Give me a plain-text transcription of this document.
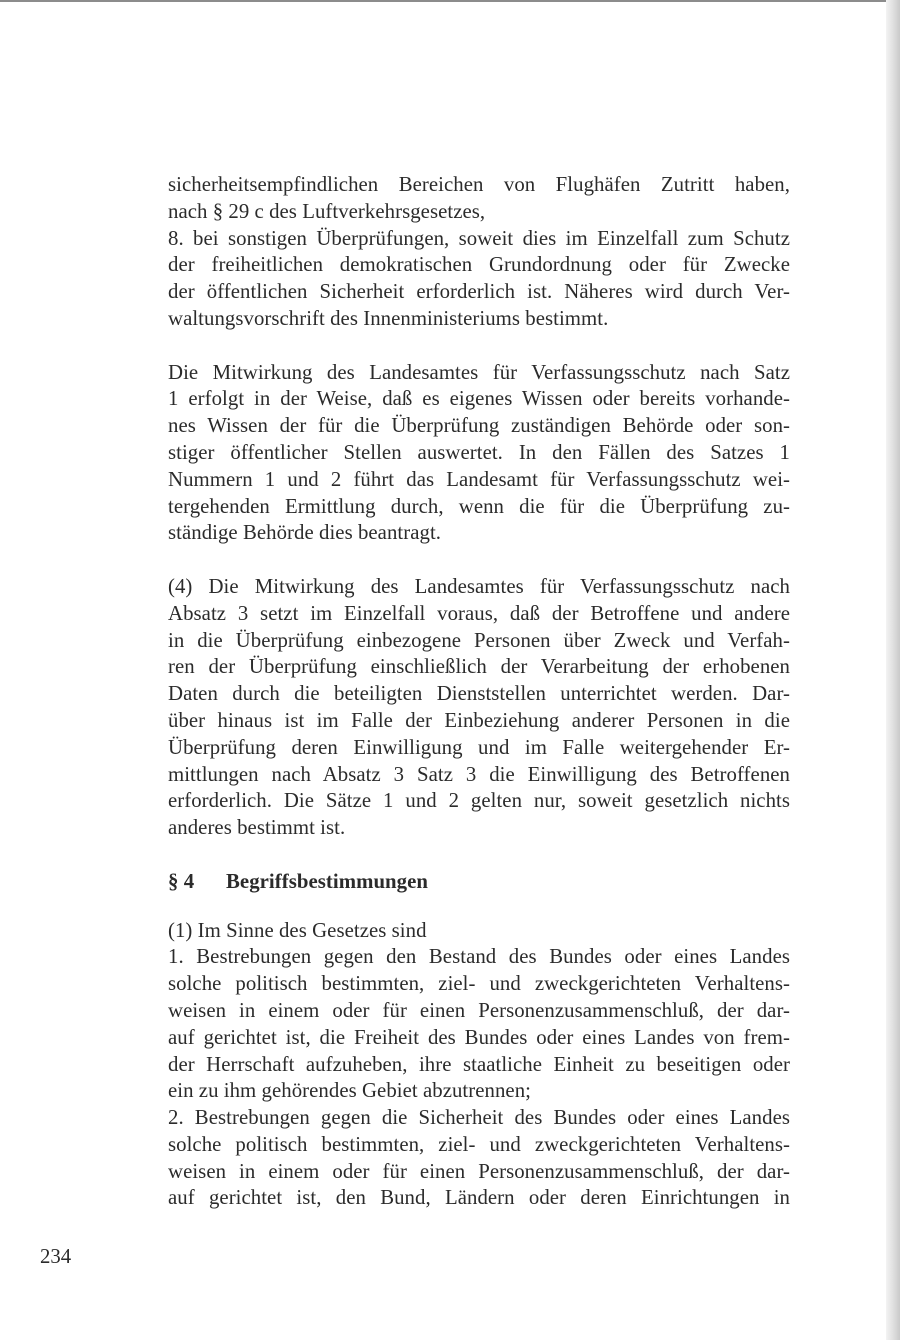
sicherheitsempfindlichen Bereichen von Flughäfen Zutritt haben,
nach § 29 c des Luftverkehrsgesetzes,
8. bei sonstigen Überprüfungen, soweit dies im Einzelfall zum Schutz
der freiheitlichen demokratischen Grundordnung oder für Zwecke
der öffentlichen Sicherheit erforderlich ist. Näheres wird durch Ver-
waltungsvorschrift des Innenministeriums bestimmt.
Die Mitwirkung des Landesamtes für Verfassungsschutz nach Satz
1 erfolgt in der Weise, daß es eigenes Wissen oder bereits vorhande-
nes Wissen der für die Überprüfung zuständigen Behörde oder son-
stiger öffentlicher Stellen auswertet. In den Fällen des Satzes 1
Nummern 1 und 2 führt das Landesamt für Verfassungsschutz wei-
tergehenden Ermittlung durch, wenn die für die Überprüfung zu-
ständige Behörde dies beantragt.
(4) Die Mitwirkung des Landesamtes für Verfassungsschutz nach
Absatz 3 setzt im Einzelfall voraus, daß der Betroffene und andere
in die Überprüfung einbezogene Personen über Zweck und Verfah-
ren der Überprüfung einschließlich der Verarbeitung der erhobenen
Daten durch die beteiligten Dienststellen unterrichtet werden. Dar-
über hinaus ist im Falle der Einbeziehung anderer Personen in die
Überprüfung deren Einwilligung und im Falle weitergehender Er-
mittlungen nach Absatz 3 Satz 3 die Einwilligung des Betroffenen
erforderlich. Die Sätze 1 und 2 gelten nur, soweit gesetzlich nichts
anderes bestimmt ist.
§ 4	Begriffsbestimmungen
(1) Im Sinne des Gesetzes sind
1. Bestrebungen gegen den Bestand des Bundes oder eines Landes
solche politisch bestimmten, ziel- und zweckgerichteten Verhaltens-
weisen in einem oder für einen Personenzusammenschluß, der dar-
auf gerichtet ist, die Freiheit des Bundes oder eines Landes von frem-
der Herrschaft aufzuheben, ihre staatliche Einheit zu beseitigen oder
ein zu ihm gehörendes Gebiet abzutrennen;
2. Bestrebungen gegen die Sicherheit des Bundes oder eines Landes
solche politisch bestimmten, ziel- und zweckgerichteten Verhaltens-
weisen in einem oder für einen Personenzusammenschluß, der dar-
auf gerichtet ist, den Bund, Ländern oder deren Einrichtungen in
234
